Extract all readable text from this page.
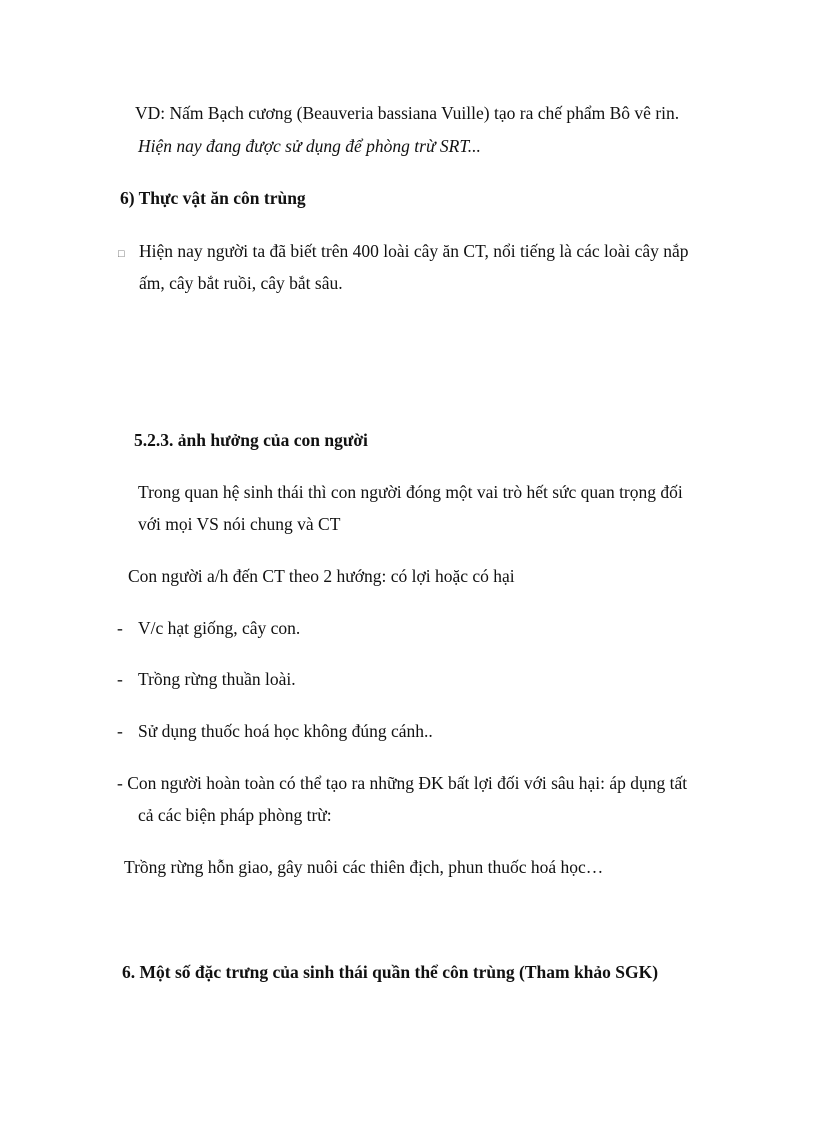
VD: Nấm Bạch cương (Beauveria bassiana Vuille) tạo ra chế phẩm Bô vê rin.
Hiện nay đang được sử dụng để phòng trừ SRT...
6) Thực vật ăn côn trùng
□ Hiện nay người ta đã biết trên 400 loài cây ăn CT, nổi tiếng là các loài cây nắp
ấm, cây bắt ruồi, cây bắt sâu.
5.2.3. ảnh hưởng của con người
Trong quan hệ sinh thái thì con người đóng một vai trò hết sức quan trọng đối
với mọi VS nói chung và CT
Con người a/h đến CT theo 2 hướng: có lợi hoặc có hại
- V/c hạt giống, cây con.
- Trồng rừng thuần loài.
- Sử dụng thuốc hoá học không đúng cánh..
- Con người hoàn toàn có thể tạo ra những ĐK bất lợi đối với sâu hại: áp dụng tất
cả các biện pháp phòng trừ:
Trồng rừng hỗn giao, gây nuôi các thiên địch, phun thuốc hoá học…
6. Một số đặc trưng của sinh thái quần thể côn trùng (Tham khảo SGK)
